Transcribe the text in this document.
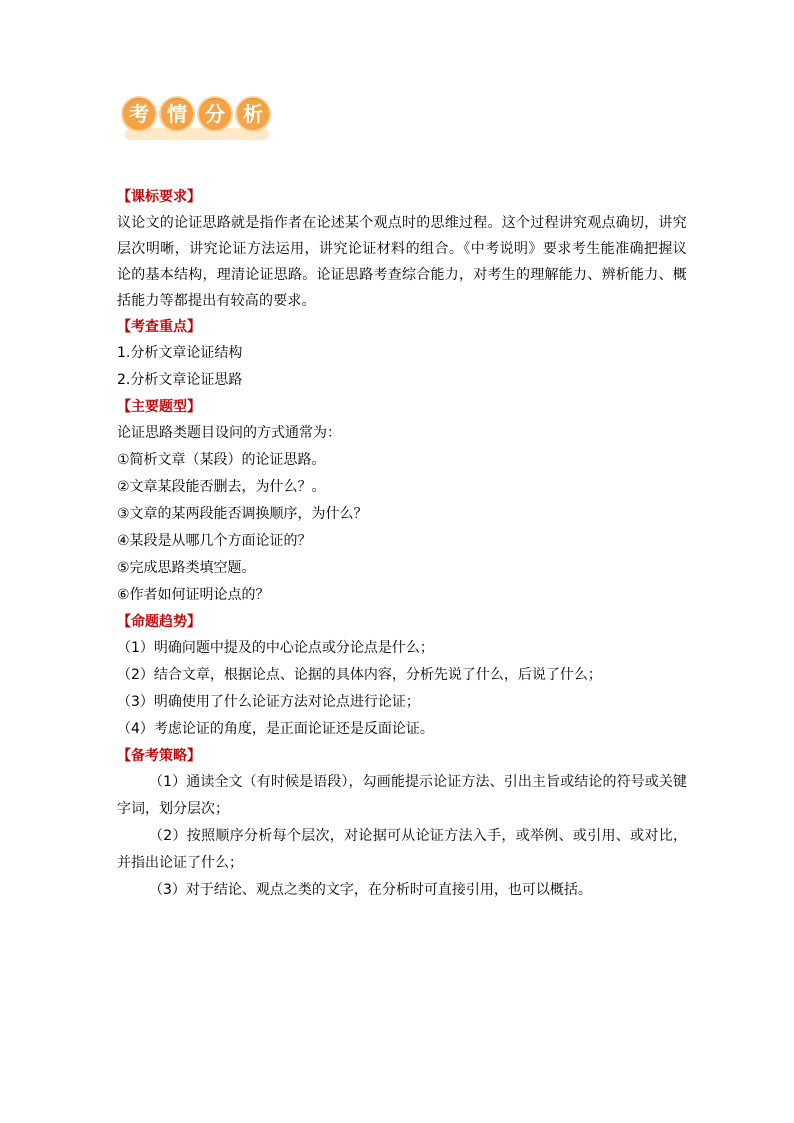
考 情 分 析
【课标要求】

议论文的论证思路就是指作者在论述某个观点时的思维过程。这个过程讲究观点确切，讲究层次明晰，讲究论证方法运用，讲究论证材料的组合。《中考说明》要求考生能准确把握议论的基本结构，理清论证思路。论证思路考查综合能力，对考生的理解能力、辨析能力、概括能力等都提出有较高的要求。

【考查重点】
1.分析文章论证结构
2.分析文章论证思路
【主要题型】
论证思路类题目设问的方式通常为：
①简析文章（某段）的论证思路。
②文章某段能否删去，为什么？。
③文章的某两段能否调换顺序，为什么？
④某段是从哪几个方面论证的？
⑤完成思路类填空题。
⑥作者如何证明论点的？
【命题趋势】
（1）明确问题中提及的中心论点或分论点是什么；
（2）结合文章，根据论点、论据的具体内容，分析先说了什么，后说了什么；
（3）明确使用了什么论证方法对论点进行论证；
（4）考虑论证的角度，是正面论证还是反面论证。
【备考策略】

（1）通读全文（有时候是语段），勾画能提示论证方法、引出主旨或结论的符号或关键字词，划分层次；

（2）按照顺序分析每个层次，对论据可从论证方法入手，或举例、或引用、或对比，并指出论证了什么；

（3）对于结论、观点之类的文字，在分析时可直接引用，也可以概括。
